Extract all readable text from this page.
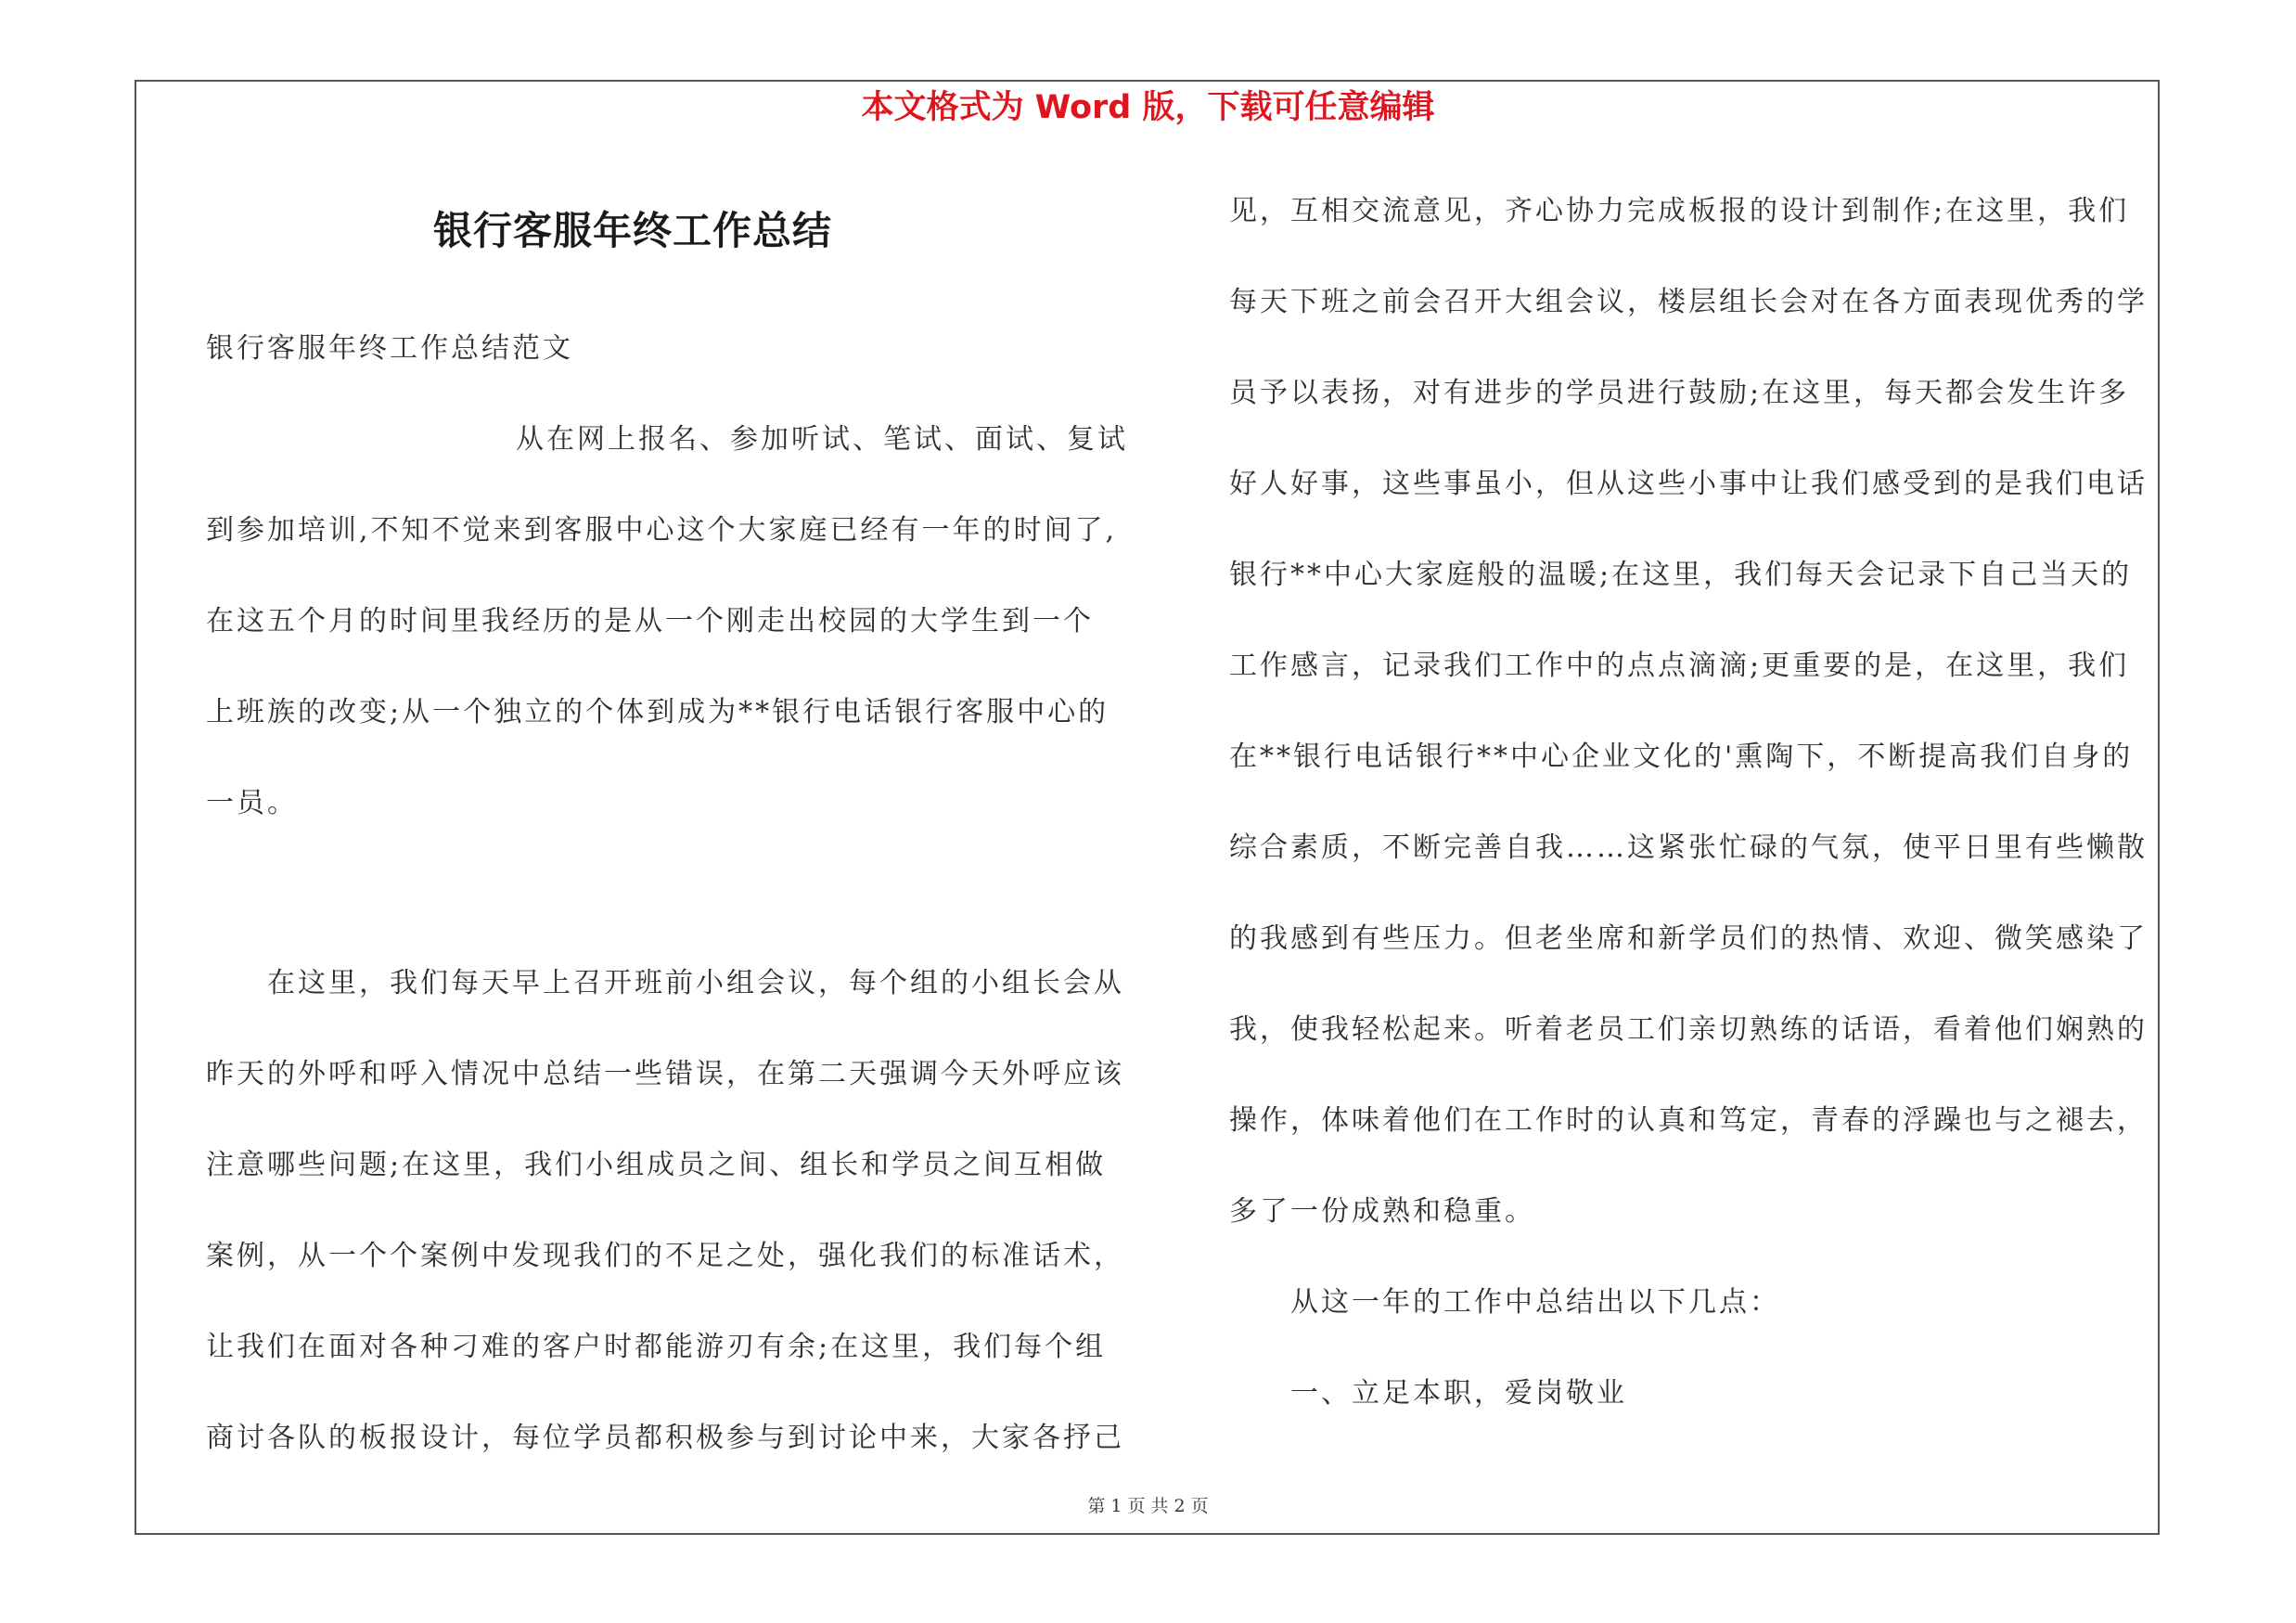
本文格式为 Word 版，下载可任意编辑
银行客服年终工作总结
银行客服年终工作总结范文
从在网上报名、参加听试、笔试、面试、复试
到参加培训,不知不觉来到客服中心这个大家庭已经有一年的时间了,
在这五个月的时间里我经历的是从一个刚走出校园的大学生到一个
上班族的改变;从一个独立的个体到成为**银行电话银行客服中心的
一员。
在这里，我们每天早上召开班前小组会议，每个组的小组长会从
昨天的外呼和呼入情况中总结一些错误，在第二天强调今天外呼应该
注意哪些问题;在这里，我们小组成员之间、组长和学员之间互相做
案例，从一个个案例中发现我们的不足之处，强化我们的标准话术，
让我们在面对各种刁难的客户时都能游刃有余;在这里，我们每个组
商讨各队的板报设计，每位学员都积极参与到讨论中来，大家各抒己
见，互相交流意见，齐心协力完成板报的设计到制作;在这里，我们
每天下班之前会召开大组会议，楼层组长会对在各方面表现优秀的学
员予以表扬，对有进步的学员进行鼓励;在这里，每天都会发生许多
好人好事，这些事虽小，但从这些小事中让我们感受到的是我们电话
银行**中心大家庭般的温暖;在这里，我们每天会记录下自己当天的
工作感言，记录我们工作中的点点滴滴;更重要的是，在这里，我们
在**银行电话银行**中心企业文化的'熏陶下，不断提高我们自身的
综合素质，不断完善自我……这紧张忙碌的气氛，使平日里有些懒散
的我感到有些压力。但老坐席和新学员们的热情、欢迎、微笑感染了
我，使我轻松起来。听着老员工们亲切熟练的话语，看着他们娴熟的
操作，体味着他们在工作时的认真和笃定，青春的浮躁也与之褪去，
多了一份成熟和稳重。
从这一年的工作中总结出以下几点：
一、立足本职，爱岗敬业
第 1 页 共 2 页
